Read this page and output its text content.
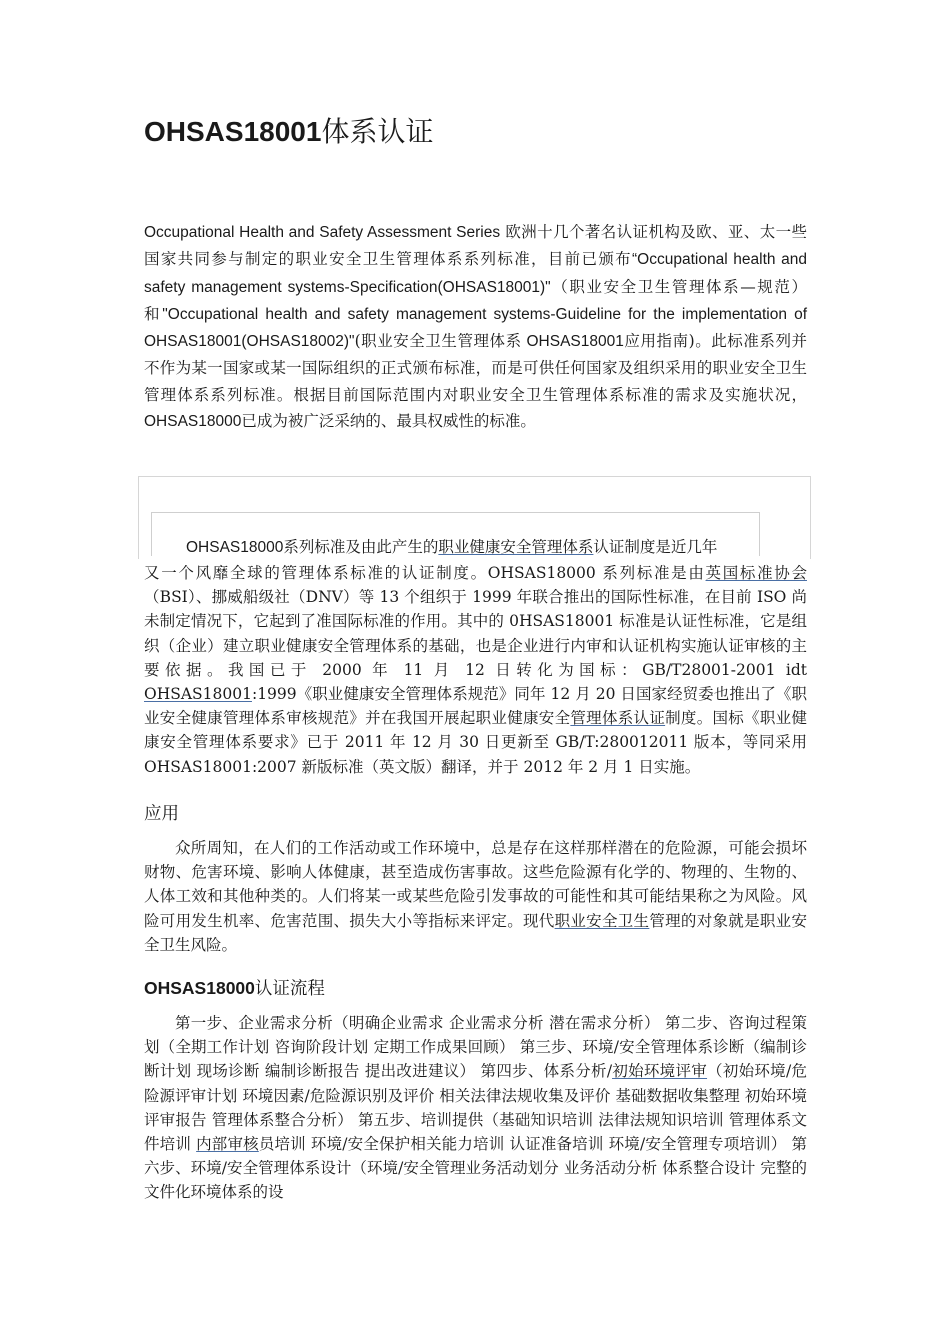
OHSAS18001体系认证

Occupational Health and Safety Assessment Series 欧洲十几个著名认证机构及欧、亚、太一些国家共同参与制定的职业安全卫生管理体系系列标准，目前已颁布“Occupational health and safety management systems-Specification(OHSAS18001)"（职业安全卫生管理体系—规范）和"Occupational health and safety management systems-Guideline for the implementation of OHSAS18001(OHSAS18002)"(职业安全卫生管理体系 OHSAS18001应用指南)。此标准系列并不作为某一国家或某一国际组织的正式颁布标准，而是可供任何国家及组织采用的职业安全卫生管理体系系列标准。根据目前国际范围内对职业安全卫生管理体系标准的需求及实施状况，OHSAS18000已成为被广泛采纳的、最具权威性的标准。

OHSAS18000系列标准及由此产生的职业健康安全管理体系认证制度是近几年

又一个风靡全球的管理体系标准的认证制度。OHSAS18000 系列标准是由英国标准协会（BSI）、挪威船级社（DNV）等 13 个组织于 1999 年联合推出的国际性标准，在目前 ISO 尚未制定情况下，它起到了准国际标准的作用。其中的 0HSAS18001 标准是认证性标准，它是组织（企业）建立职业健康安全管理体系的基础，也是企业进行内审和认证机构实施认证审核的主要依据。我国已于 2000 年 11 月 12 日转化为国标：GB/T28001-2001 idt OHSAS18001:1999《职业健康安全管理体系规范》同年 12 月 20 日国家经贸委也推出了《职业安全健康管理体系审核规范》并在我国开展起职业健康安全管理体系认证制度。国标《职业健康安全管理体系要求》已于 2011 年 12 月 30 日更新至 GB/T:280012011 版本，等同采用 OHSAS18001:2007 新版标准（英文版）翻译，并于 2012 年 2 月 1 日实施。

应用

众所周知，在人们的工作活动或工作环境中，总是存在这样那样潜在的危险源，可能会损坏财物、危害环境、影响人体健康，甚至造成伤害事故。这些危险源有化学的、物理的、生物的、人体工效和其他种类的。人们将某一或某些危险引发事故的可能性和其可能结果称之为风险。风险可用发生机率、危害范围、损失大小等指标来评定。现代职业安全卫生管理的对象就是职业安全卫生风险。

OHSAS18000认证流程

第一步、企业需求分析（明确企业需求 企业需求分析 潜在需求分析） 第二步、咨询过程策划（全期工作计划 咨询阶段计划 定期工作成果回顾） 第三步、环境/安全管理体系诊断（编制诊断计划 现场诊断 编制诊断报告 提出改进建议） 第四步、体系分析/初始环境评审（初始环境/危险源评审计划 环境因素/危险源识别及评价 相关法律法规收集及评价 基础数据收集整理 初始环境评审报告 管理体系整合分析） 第五步、培训提供（基础知识培训 法律法规知识培训 管理体系文件培训 内部审核员培训 环境/安全保护相关能力培训 认证准备培训 环境/安全管理专项培训） 第六步、环境/安全管理体系设计（环境/安全管理业务活动划分 业务活动分析 体系整合设计 完整的文件化环境体系的设
